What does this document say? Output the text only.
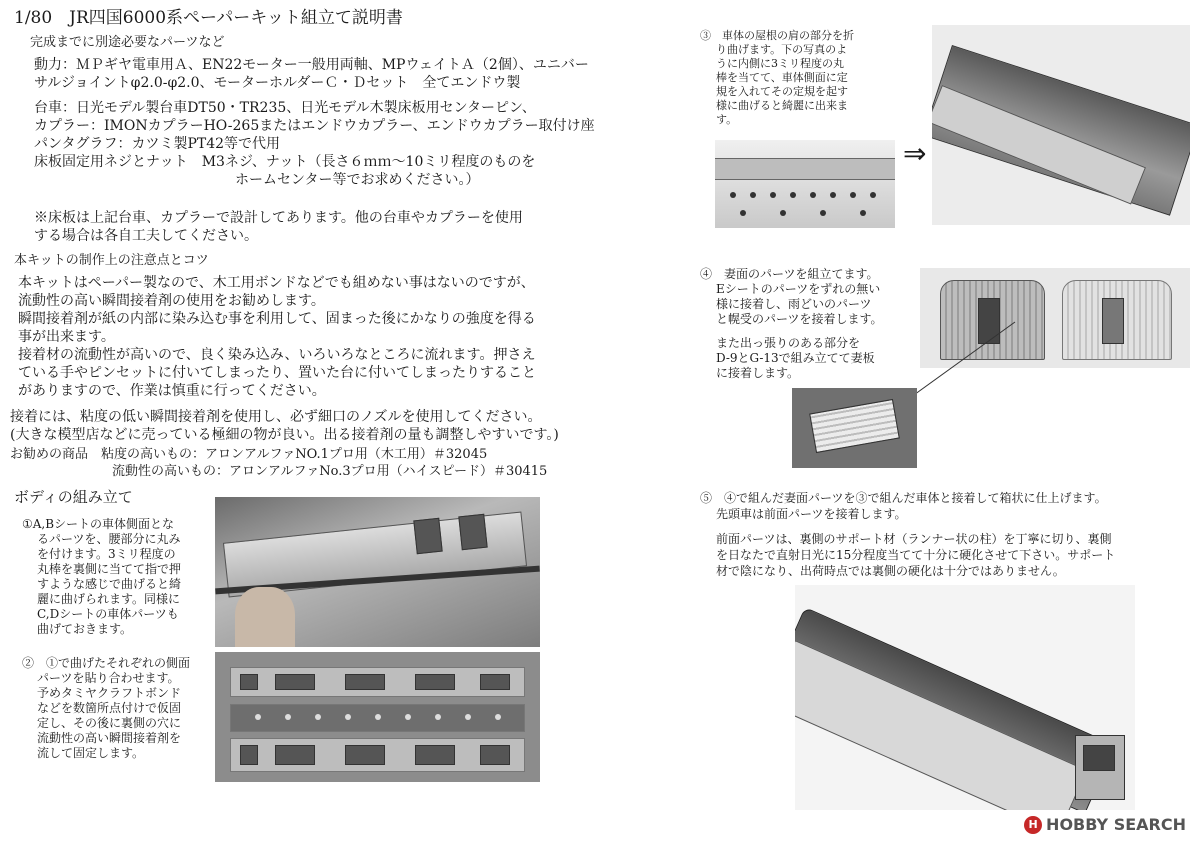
1/80　JR四国6000系ペーパーキット組立て説明書
完成までに別途必要なパーツなど
動力：ＭＰギヤ電車用Ａ、EN22モーター一般用両軸、MPウェイトＡ（2個）、ユニバー
サルジョイントφ2.0-φ2.0、モーターホルダーＣ・Ｄセット　全てエンドウ製
台車：日光モデル製台車DT50・TR235、日光モデル木製床板用センターピン、
カプラー：IMONカプラーHO-265またはエンドウカプラー、エンドウカプラー取付け座
パンタグラフ：カツミ製PT42等で代用
床板固定用ネジとナット　M3ネジ、ナット（長さ６ｍｍ～10ミリ程度のものを
ホームセンター等でお求めください。）
※床板は上記台車、カプラーで設計してあります。他の台車やカプラーを使用
する場合は各自工夫してください。
本キットの制作上の注意点とコツ
本キットはペーパー製なので、木工用ボンドなどでも組めない事はないのですが、
流動性の高い瞬間接着剤の使用をお勧めします。
瞬間接着剤が紙の内部に染み込む事を利用して、固まった後にかなりの強度を得る
事が出来ます。
接着材の流動性が高いので、良く染み込み、いろいろなところに流れます。押さえ
ている手やピンセットに付いてしまったり、置いた台に付いてしまったりすること
がありますので、作業は慎重に行ってください。
接着には、粘度の低い瞬間接着剤を使用し、必ず細口のノズルを使用してください。
(大きな模型店などに売っている極細の物が良い。出る接着剤の量も調整しやすいです。)
お勧めの商品　粘度の高いもの：アロンアルファNO.1プロ用（木工用）＃32045
流動性の高いもの：アロンアルファNo.3プロ用（ハイスピード）＃30415
ボディの組み立て
①A,Bシートの車体側面とな
るパーツを、腰部分に丸み
を付けます。3ミリ程度の
丸棒を裏側に当てて指で押
すような感じで曲げると綺
麗に曲げられます。同様に
C,Dシートの車体パーツも
曲げておきます。
②　①で曲げたそれぞれの側面
パーツを貼り合わせます。
予めタミヤクラフトボンド
などを数箇所点付けで仮固
定し、その後に裏側の穴に
流動性の高い瞬間接着剤を
流して固定します。
③　車体の屋根の肩の部分を折
り曲げます。下の写真のよ
うに内側に3ミリ程度の丸
棒を当てて、車体側面に定
規を入れてその定規を起す
様に曲げると綺麗に出来ま
す。
⇒
④　妻面のパーツを組立てます。
Eシートのパーツをずれの無い
様に接着し、雨どいのパーツ
と幌受のパーツを接着します。
また出っ張りのある部分を
D-9とG-13で組み立てて妻板
に接着します。
⑤　④で組んだ妻面パーツを③で組んだ車体と接着して箱状に仕上げます。
先頭車は前面パーツを接着します。
前面パーツは、裏側のサポート材（ランナー状の柱）を丁寧に切り、裏側
を日なたで直射日光に15分程度当てて十分に硬化させて下さい。サポート
材で陰になり、出荷時点では裏側の硬化は十分ではありません。
H HOBBY SEARCH
